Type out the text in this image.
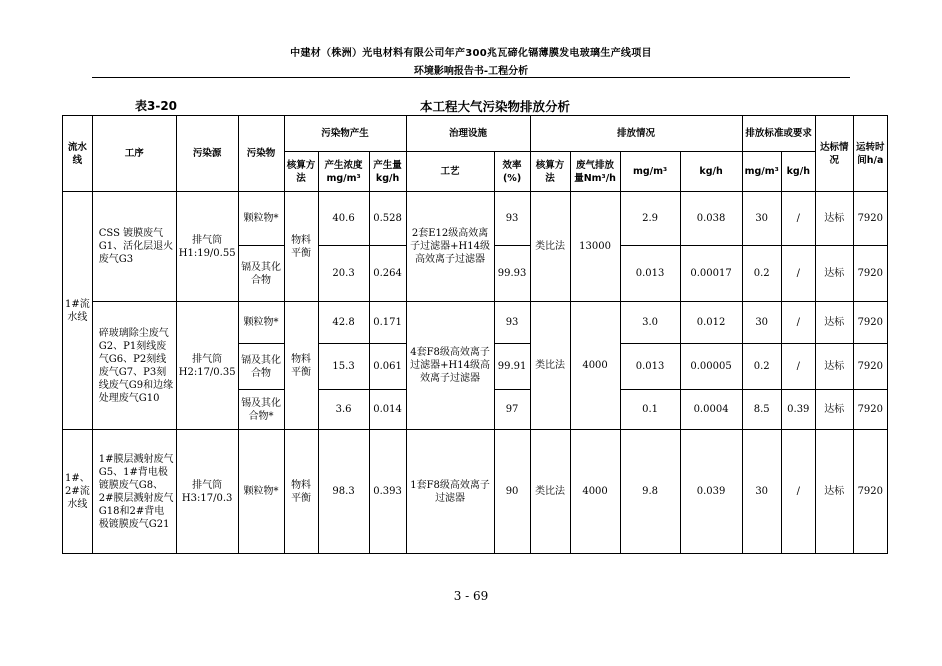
中建材（株洲）光电材料有限公司年产300兆瓦碲化镉薄膜发电玻璃生产线项目
环境影响报告书-工程分析
表3-20	本工程大气污染物排放分析
流水线	工序	污染源	污染物	污染物产生			治理设施		排放情况				排放标准或要求		达标情况	运转时间h/a
				核算方法	产生浓度mg/m³	产生量kg/h	工艺	效率(%)	核算方法	废气排放量Nm³/h	mg/m³	kg/h	mg/m³	kg/h		
1#流水线	CSS 镀膜废气G1、活化层退火废气G3	排气筒H1:19/0.55	颗粒物*	物料平衡	40.6	0.528	2套E12级高效离子过滤器+H14级高效离子过滤器	93	类比法	13000	2.9	0.038	30	/	达标	7920
			镉及其化合物		20.3	0.264		99.93			0.013	0.00017	0.2	/	达标	7920
	碎玻璃除尘废气G2、P1刻线废气G6、P2刻线废气G7、P3刻线废气G9和边缘处理废气G10	排气筒H2:17/0.35	颗粒物*	物料平衡	42.8	0.171	4套F8级高效离子过滤器+H14级高效离子过滤器	93	类比法	4000	3.0	0.012	30	/	达标	7920
			镉及其化合物		15.3	0.061		99.91			0.013	0.00005	0.2	/	达标	7920
			锡及其化合物*		3.6	0.014		97			0.1	0.0004	8.5	0.39	达标	7920
1#、2#流水线	1#膜层溅射废气G5、1#背电极镀膜废气G8、2#膜层溅射废气G18和2#背电极镀膜废气G21	排气筒H3:17/0.3	颗粒物*	物料平衡	98.3	0.393	1套F8级高效离子过滤器	90	类比法	4000	9.8	0.039	30	/	达标	7920
3 - 69
